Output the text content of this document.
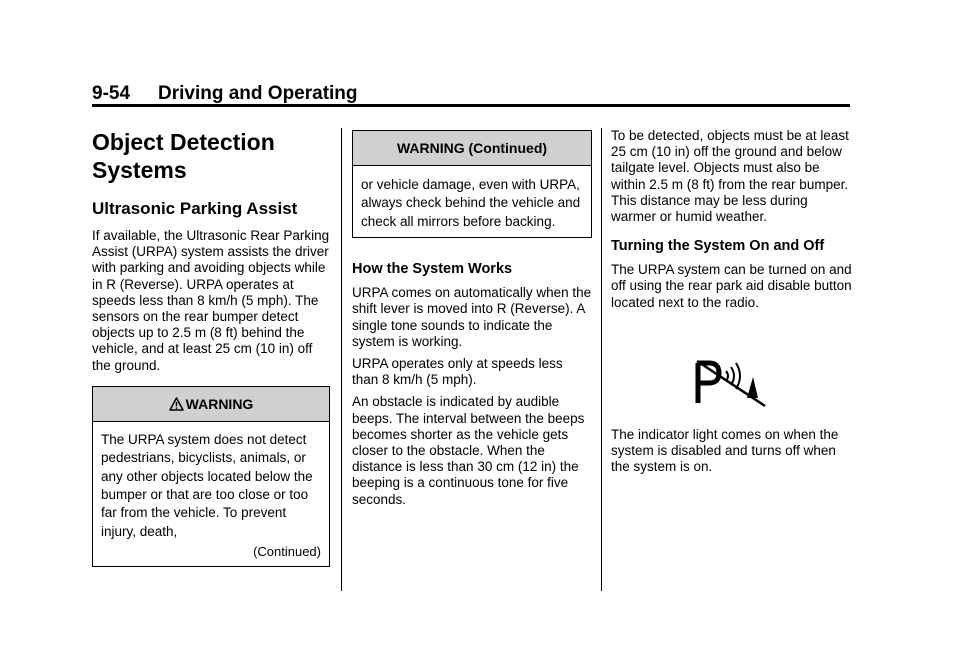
9-54 Driving and Operating
Object Detection Systems
Ultrasonic Parking Assist

If available, the Ultrasonic Rear Parking Assist (URPA) system assists the driver with parking and avoiding objects while in R (Reverse). URPA operates at speeds less than 8 km/h (5 mph). The sensors on the rear bumper detect objects up to 2.5 m (8 ft) behind the vehicle, and at least 25 cm (10 in) off the ground.

WARNING
The URPA system does not detect pedestrians, bicyclists, animals, or any other objects located below the bumper or that are too close or too far from the vehicle. To prevent injury, death,
(Continued)
WARNING (Continued)
or vehicle damage, even with URPA, always check behind the vehicle and check all mirrors before backing.
How the System Works

URPA comes on automatically when the shift lever is moved into R (Reverse). A single tone sounds to indicate the system is working.

URPA operates only at speeds less than 8 km/h (5 mph).

An obstacle is indicated by audible beeps. The interval between the beeps becomes shorter as the vehicle gets closer to the obstacle. When the distance is less than 30 cm (12 in) the beeping is a continuous tone for five seconds.

To be detected, objects must be at least 25 cm (10 in) off the ground and below tailgate level. Objects must also be within 2.5 m (8 ft) from the rear bumper. This distance may be less during warmer or humid weather.

Turning the System On and Off

The URPA system can be turned on and off using the rear park aid disable button located next to the radio.

The indicator light comes on when the system is disabled and turns off when the system is on.
